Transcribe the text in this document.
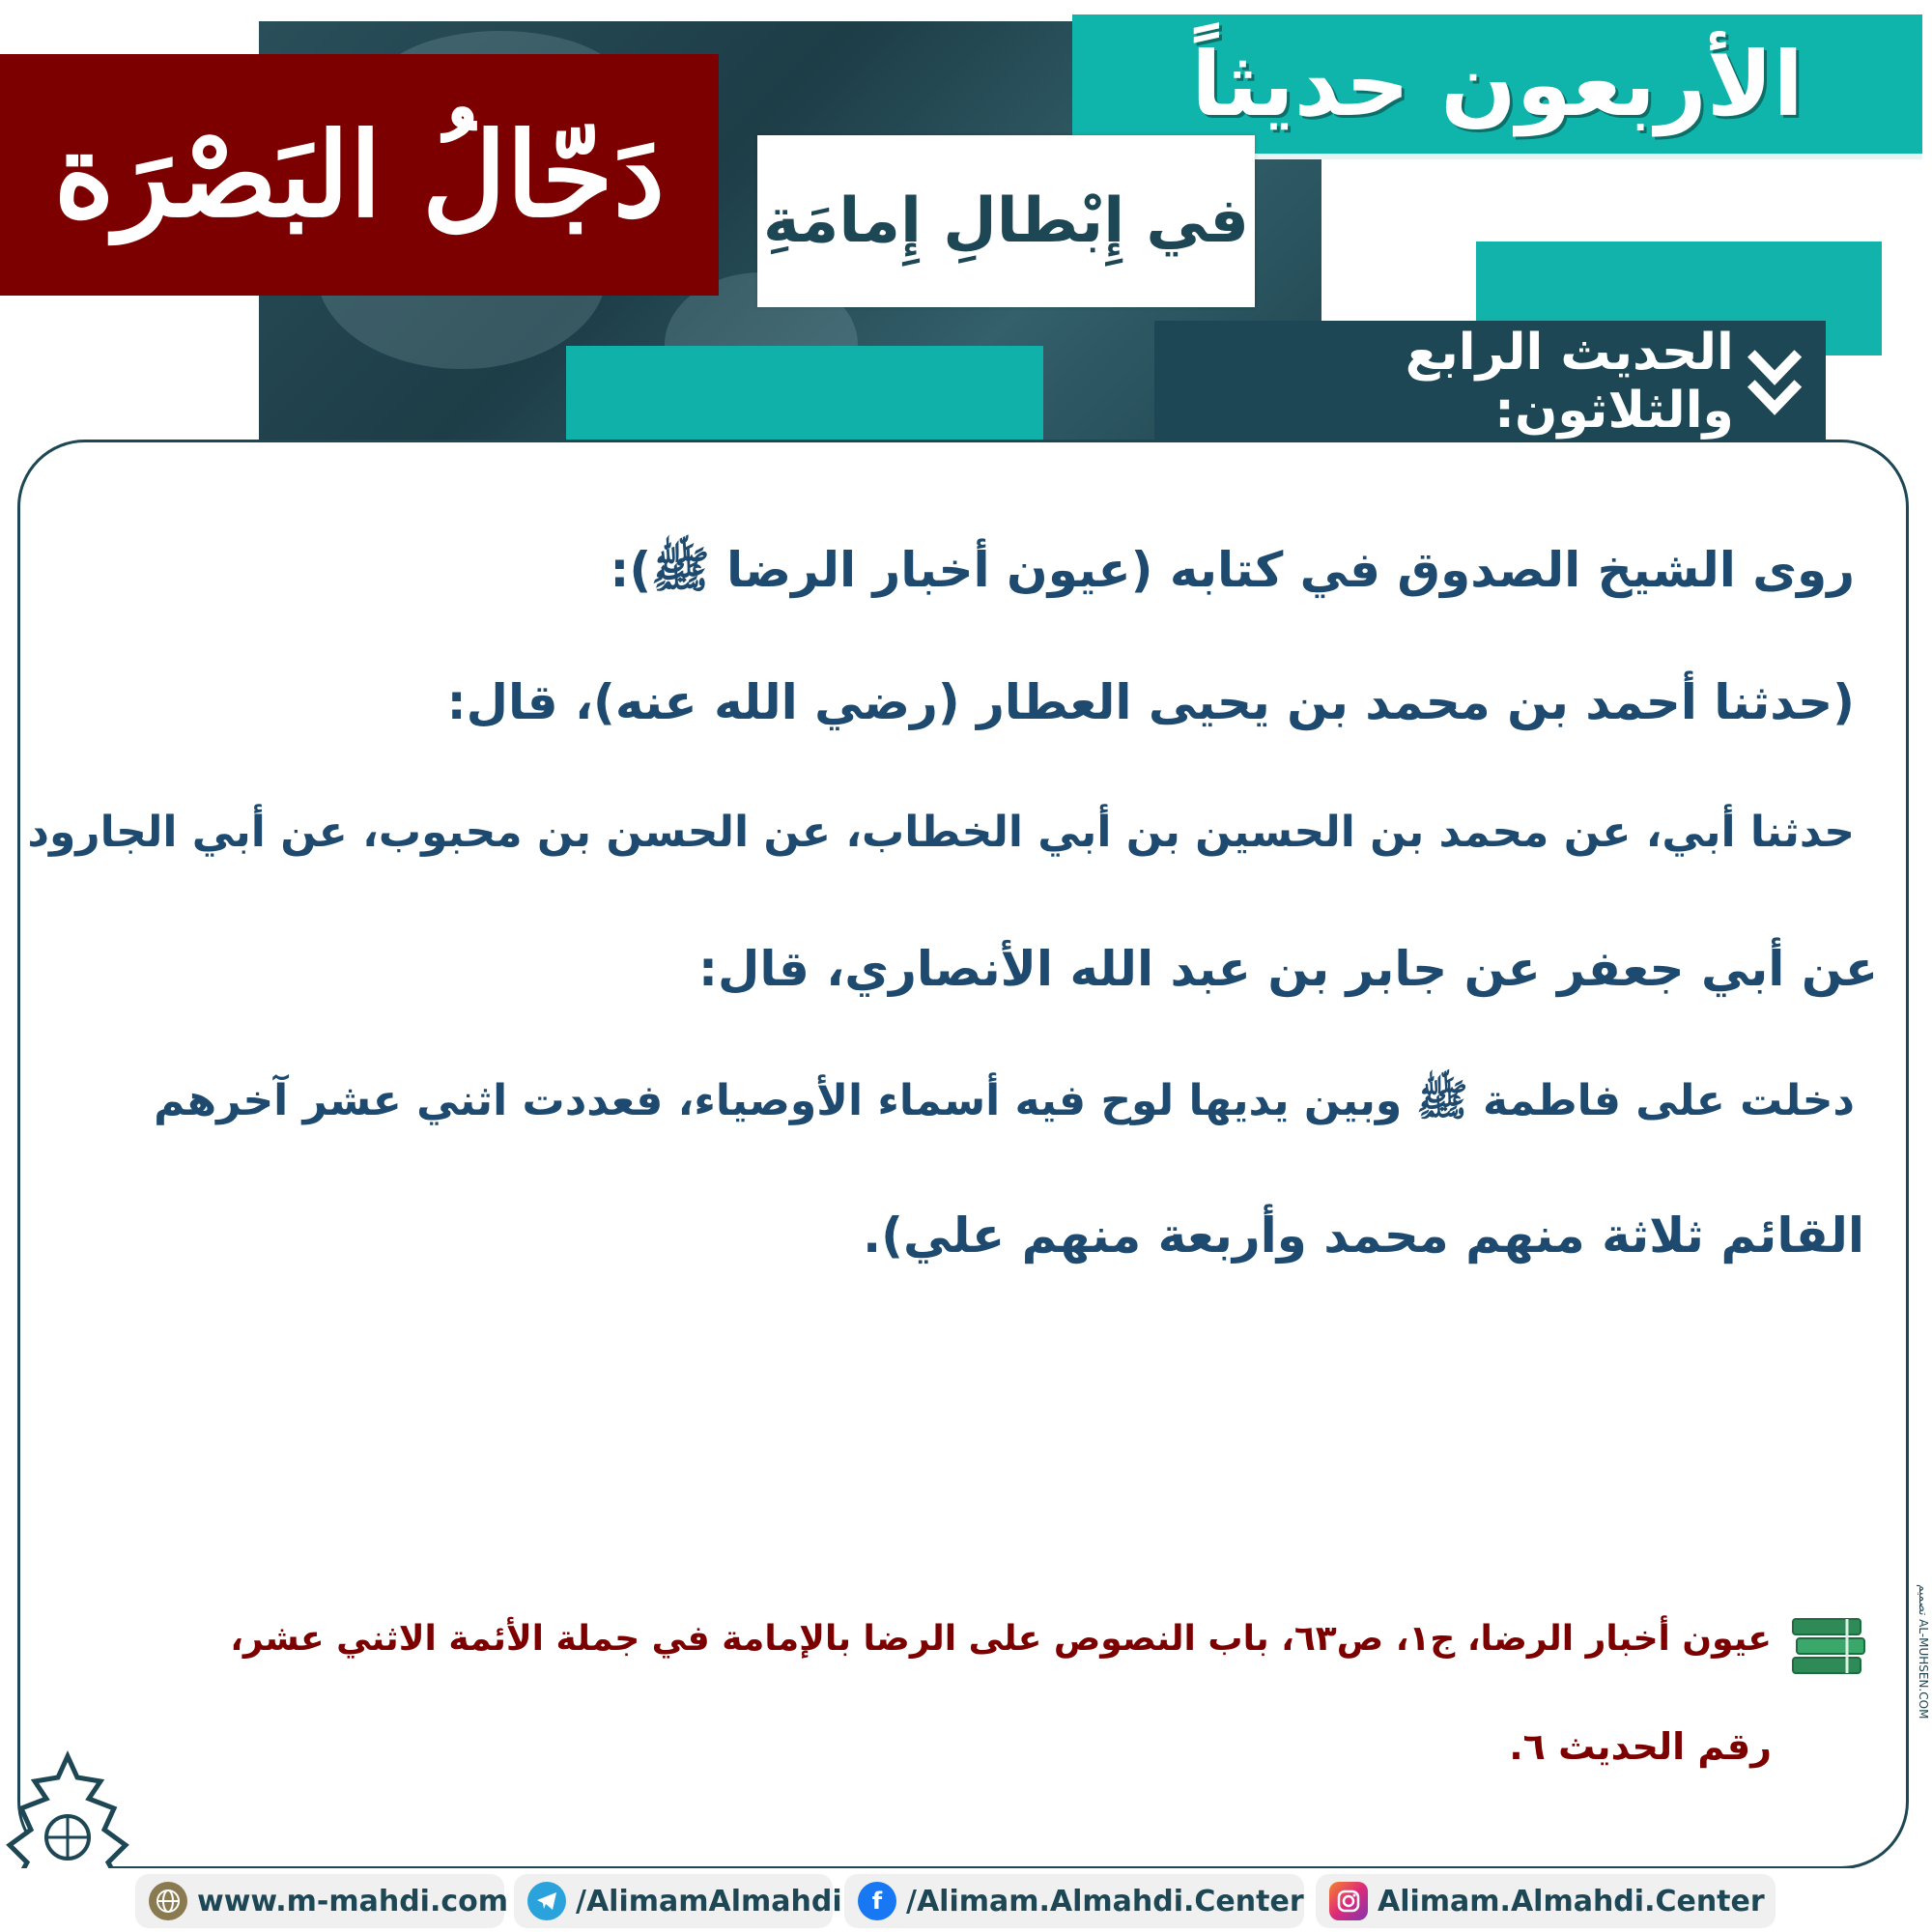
الأربعون حديثاً
دَجّالُ البَصْرَة في إِبْطالِ إِمامَةِ
الحديث الرابع والثلاثون:
روى الشيخ الصدوق في كتابه (عيون أخبار الرضا ﷺ):
(حدثنا أحمد بن محمد بن يحيى العطار (رضي الله عنه)، قال:
حدثنا أبي، عن محمد بن الحسين بن أبي الخطاب، عن الحسن بن محبوب، عن أبي الجارود
عن أبي جعفر عن جابر بن عبد الله الأنصاري، قال:
دخلت على فاطمة ﷺ وبين يديها لوح فيه أسماء الأوصياء، فعددت اثني عشر آخرهم
القائم ثلاثة منهم محمد وأربعة منهم علي).
عيون أخبار الرضا، ج١، ص٦٣، باب النصوص على الرضا بالإمامة في جملة الأئمة الاثني عشر،
رقم الحديث ٦.
تصميم AL-MUHSEN.COM
www.m-mahdi.com /AlimamAlmahdi	f /Alimam.Almahdi.Center	Alimam.Almahdi.Center
